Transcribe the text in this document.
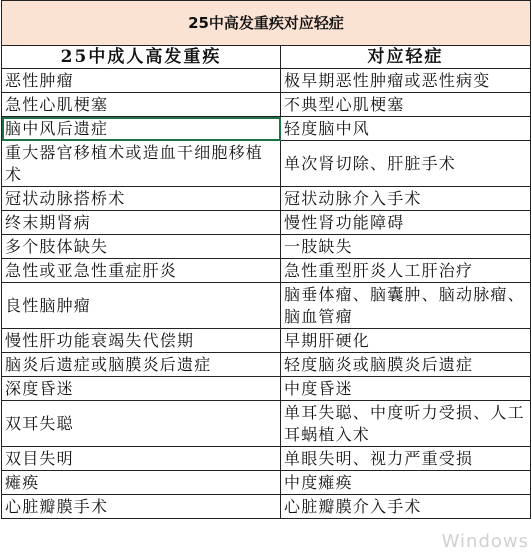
25中高发重疾对应轻症	
25中成人高发重疾	对应轻症
恶性肿瘤	极早期恶性肿瘤或恶性病变
急性心肌梗塞	不典型心肌梗塞
脑中风后遗症	轻度脑中风
重大器官移植术或造血干细胞移植术	单次肾切除、肝脏手术
冠状动脉搭桥术	冠状动脉介入手术
终末期肾病	慢性肾功能障碍
多个肢体缺失	一肢缺失
急性或亚急性重症肝炎	急性重型肝炎人工肝治疗
良性脑肿瘤	脑垂体瘤、脑囊肿、脑动脉瘤、脑血管瘤
慢性肝功能衰竭失代偿期	早期肝硬化
脑炎后遗症或脑膜炎后遗症	轻度脑炎或脑膜炎后遗症
深度昏迷	中度昏迷
双耳失聪	单耳失聪、中度听力受损、人工耳蜗植入术
双目失明	单眼失明、视力严重受损
瘫痪	中度瘫痪
心脏瓣膜手术	心脏瓣膜介入手术
Windows
